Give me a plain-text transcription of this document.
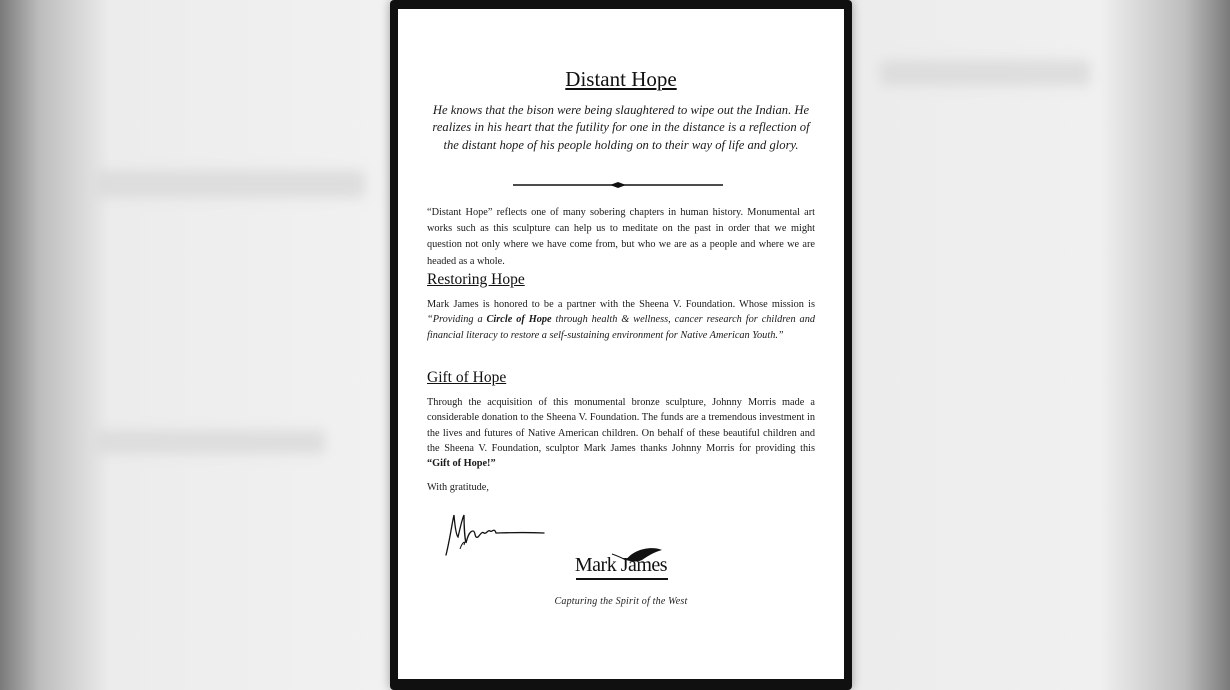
Distant Hope
He knows that the bison were being slaughtered to wipe out the Indian. He realizes in his heart that the futility for one in the distance is a reflection of the distant hope of his people holding on to their way of life and glory.
“Distant Hope” reflects one of many sobering chapters in human history. Monumental art works such as this sculpture can help us to meditate on the past in order that we might question not only where we have come from, but who we are as a people and where we are headed as a whole.
Restoring Hope
Mark James is honored to be a partner with the Sheena V. Foundation. Whose mission is “Providing a Circle of Hope through health & wellness, cancer research for children and financial literacy to restore a self-sustaining environment for Native American Youth.”
Gift of Hope
Through the acquisition of this monumental bronze sculpture, Johnny Morris made a considerable donation to the Sheena V. Foundation. The funds are a tremendous investment in the lives and futures of Native American children. On behalf of these beautiful children and the Sheena V. Foundation, sculptor Mark James thanks Johnny Morris for providing this “Gift of Hope!”
With gratitude,
Mark James
Capturing the Spirit of the West
